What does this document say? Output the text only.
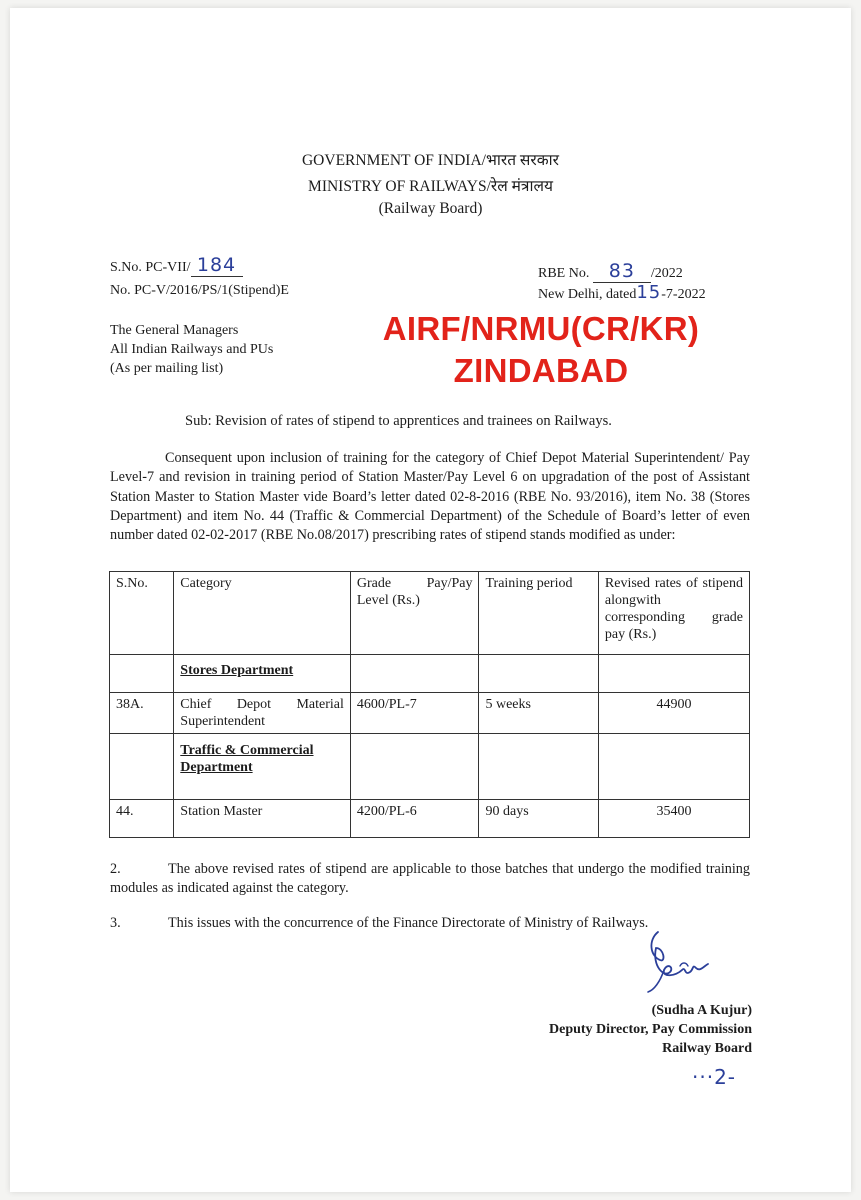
GOVERNMENT OF INDIA/भारत सरकार
MINISTRY OF RAILWAYS/रेल मंत्रालय
(Railway Board)
S.No. PC-VII/ 184
No. PC-V/2016/PS/1(Stipend)E
RBE No. 83 /2022
New Delhi, dated15-7-2022
The General Managers
All Indian Railways and PUs
(As per mailing list)
AIRF/NRMU(CR/KR)
ZINDABAD
Sub: Revision of rates of stipend to apprentices and trainees on Railways.
Consequent upon inclusion of training for the category of Chief Depot Material Superintendent/ Pay Level-7 and revision in training period of Station Master/Pay Level 6 on upgradation of the post of Assistant Station Master to Station Master vide Board’s letter dated 02-8-2016 (RBE No. 93/2016), item No. 38 (Stores Department) and item No. 44 (Traffic & Commercial Department) of the Schedule of Board’s letter of even number dated 02-02-2017 (RBE No.08/2017) prescribing rates of stipend stands modified as under:
S.No.	Category	Grade Pay/Pay Level (Rs.)	Training period	Revised rates of stipend alongwith corresponding grade pay (Rs.)
	Stores Department			
38A.	Chief Depot Material Superintendent	4600/PL-7	5 weeks	44900
	Traffic & Commercial Department			
44.	Station Master	4200/PL-6	90 days	35400
2.	The above revised rates of stipend are applicable to those batches that undergo the modified training modules as indicated against the category.
3.	This issues with the concurrence of the Finance Directorate of Ministry of Railways.
(Sudha A Kujur)
Deputy Director, Pay Commission
Railway Board
···2-
